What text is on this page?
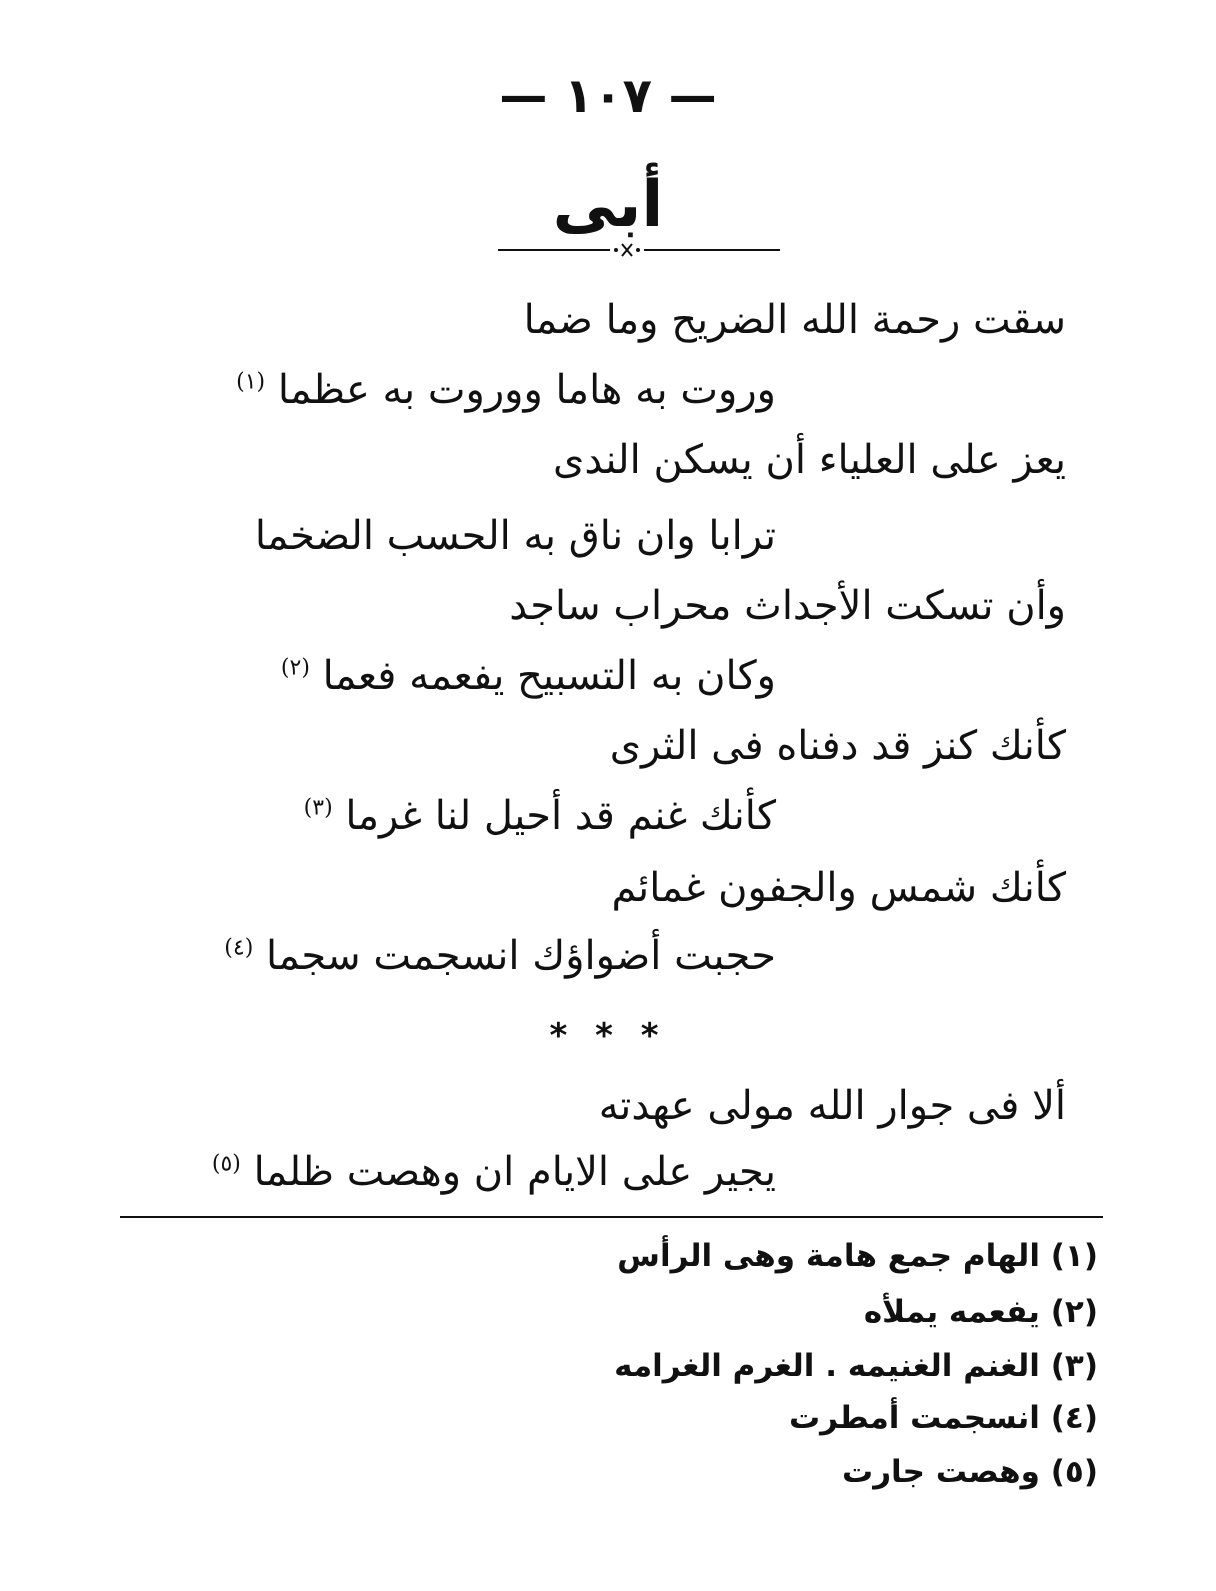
— ١٠٧ —
أبى
سقت رحمة الله الضريح وما ضما
وروت به هاما ووروت به عظما $^{(١)}$
يعز على العلياء أن يسكن الندى
ترابا وان ناق به الحسب الضخما
وأن تسكت الأجداث محراب ساجد
وكان به التسبيح يفعمه فعما $^{(٢)}$
كأنك كنز قد دفناه فى الثرى
كأنك غنم قد أحيل لنا غرما $^{(٣)}$
كأنك شمس والجفون غمائم
حجبت أضواؤك انسجمت سجما $^{(٤)}$
* * *
ألا فى جوار الله مولى عهدته
يجير على الايام ان وهصت ظلما $^{(٥)}$
(١) الهام جمع هامة وهى الرأس
(٢) يفعمه يملأه
(٣) الغنم الغنيمه . الغرم الغرامه
(٤) انسجمت أمطرت
(٥) وهصت جارت
